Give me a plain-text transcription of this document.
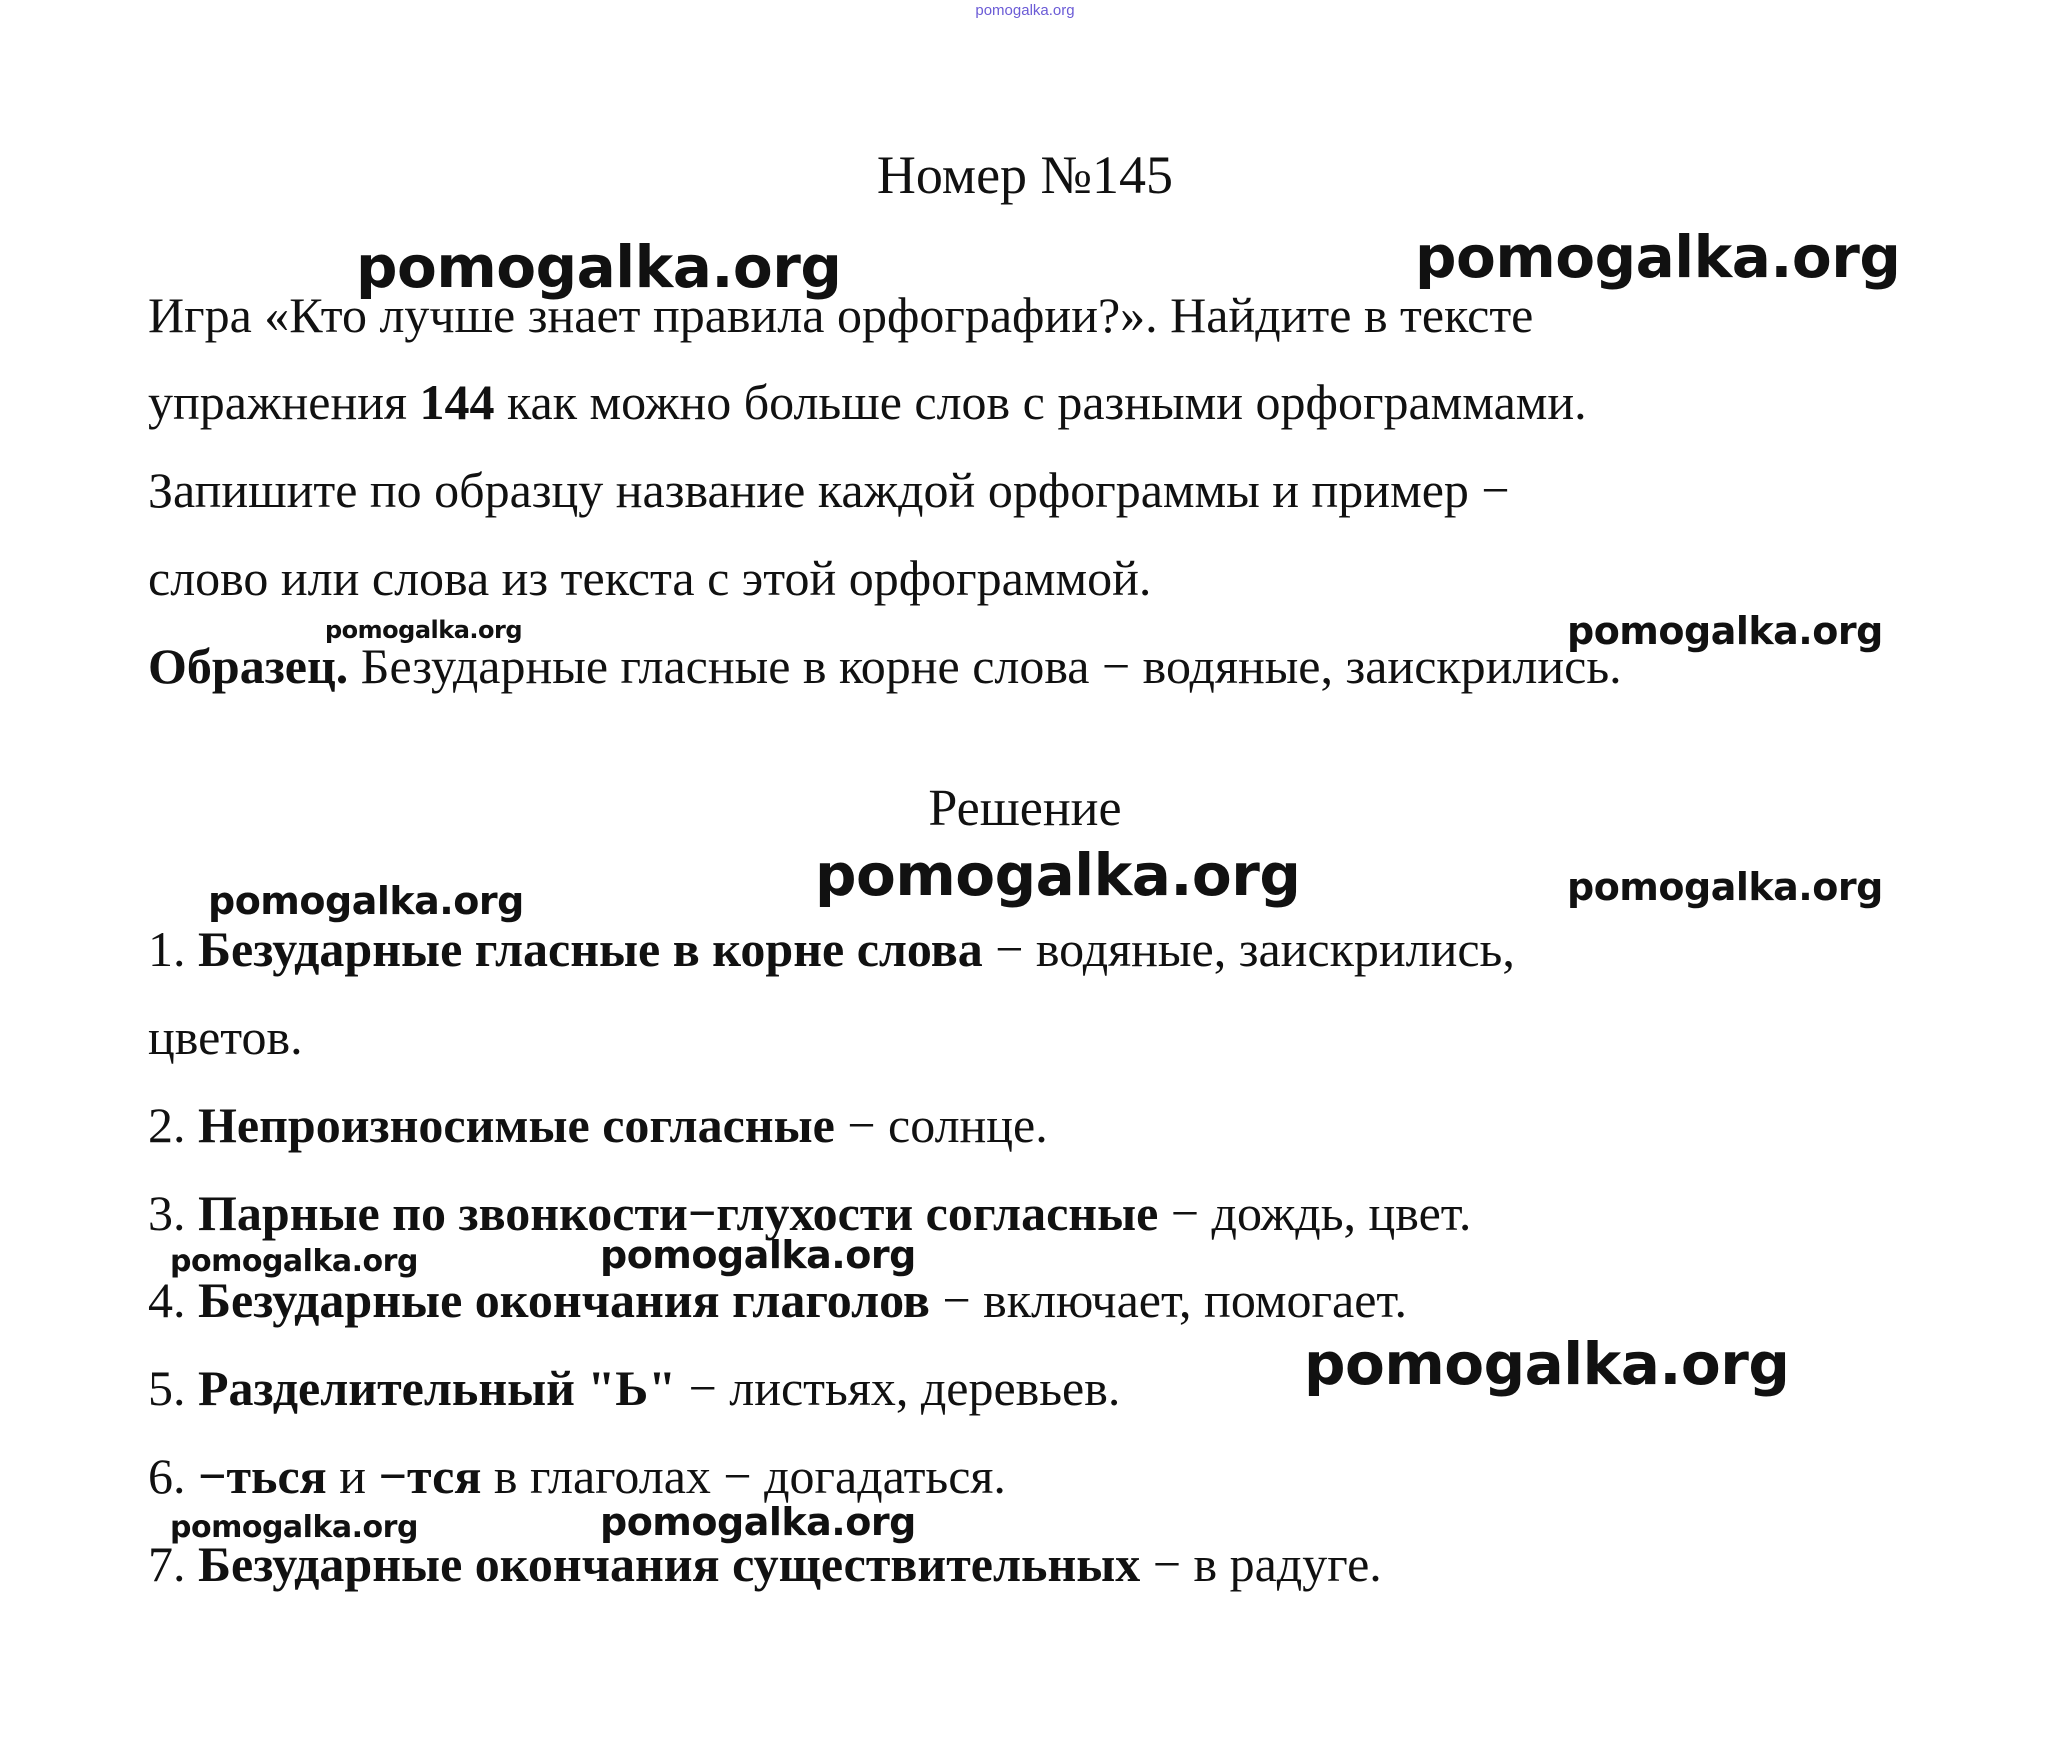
pomogalka.org
Номер №145
Игра «Кто лучше знает правила орфографии?». Найдите в тексте
упражнения 144 как можно больше слов с разными орфограммами.
Запишите по образцу название каждой орфограммы и пример −
слово или слова из текста с этой орфограммой.
Образец. Безударные гласные в корне слова − водяные, заискрились.
Решение
1. Безударные гласные в корне слова − водяные, заискрились,
цветов.
2. Непроизносимые согласные − солнце.
3. Парные по звонкости−глухости согласные − дождь, цвет.
4. Безударные окончания глаголов − включает, помогает.
5. Разделительный "Ь" − листьях, деревьев.
6. −ться и −тся в глаголах − догадаться.
7. Безударные окончания существительных − в радуге.
pomogalka.org	pomogalka.org
pomogalka.org	pomogalka.org
pomogalka.org
pomogalka.org	pomogalka.org
pomogalka.org	pomogalka.org
pomogalka.org
pomogalka.org	pomogalka.org
